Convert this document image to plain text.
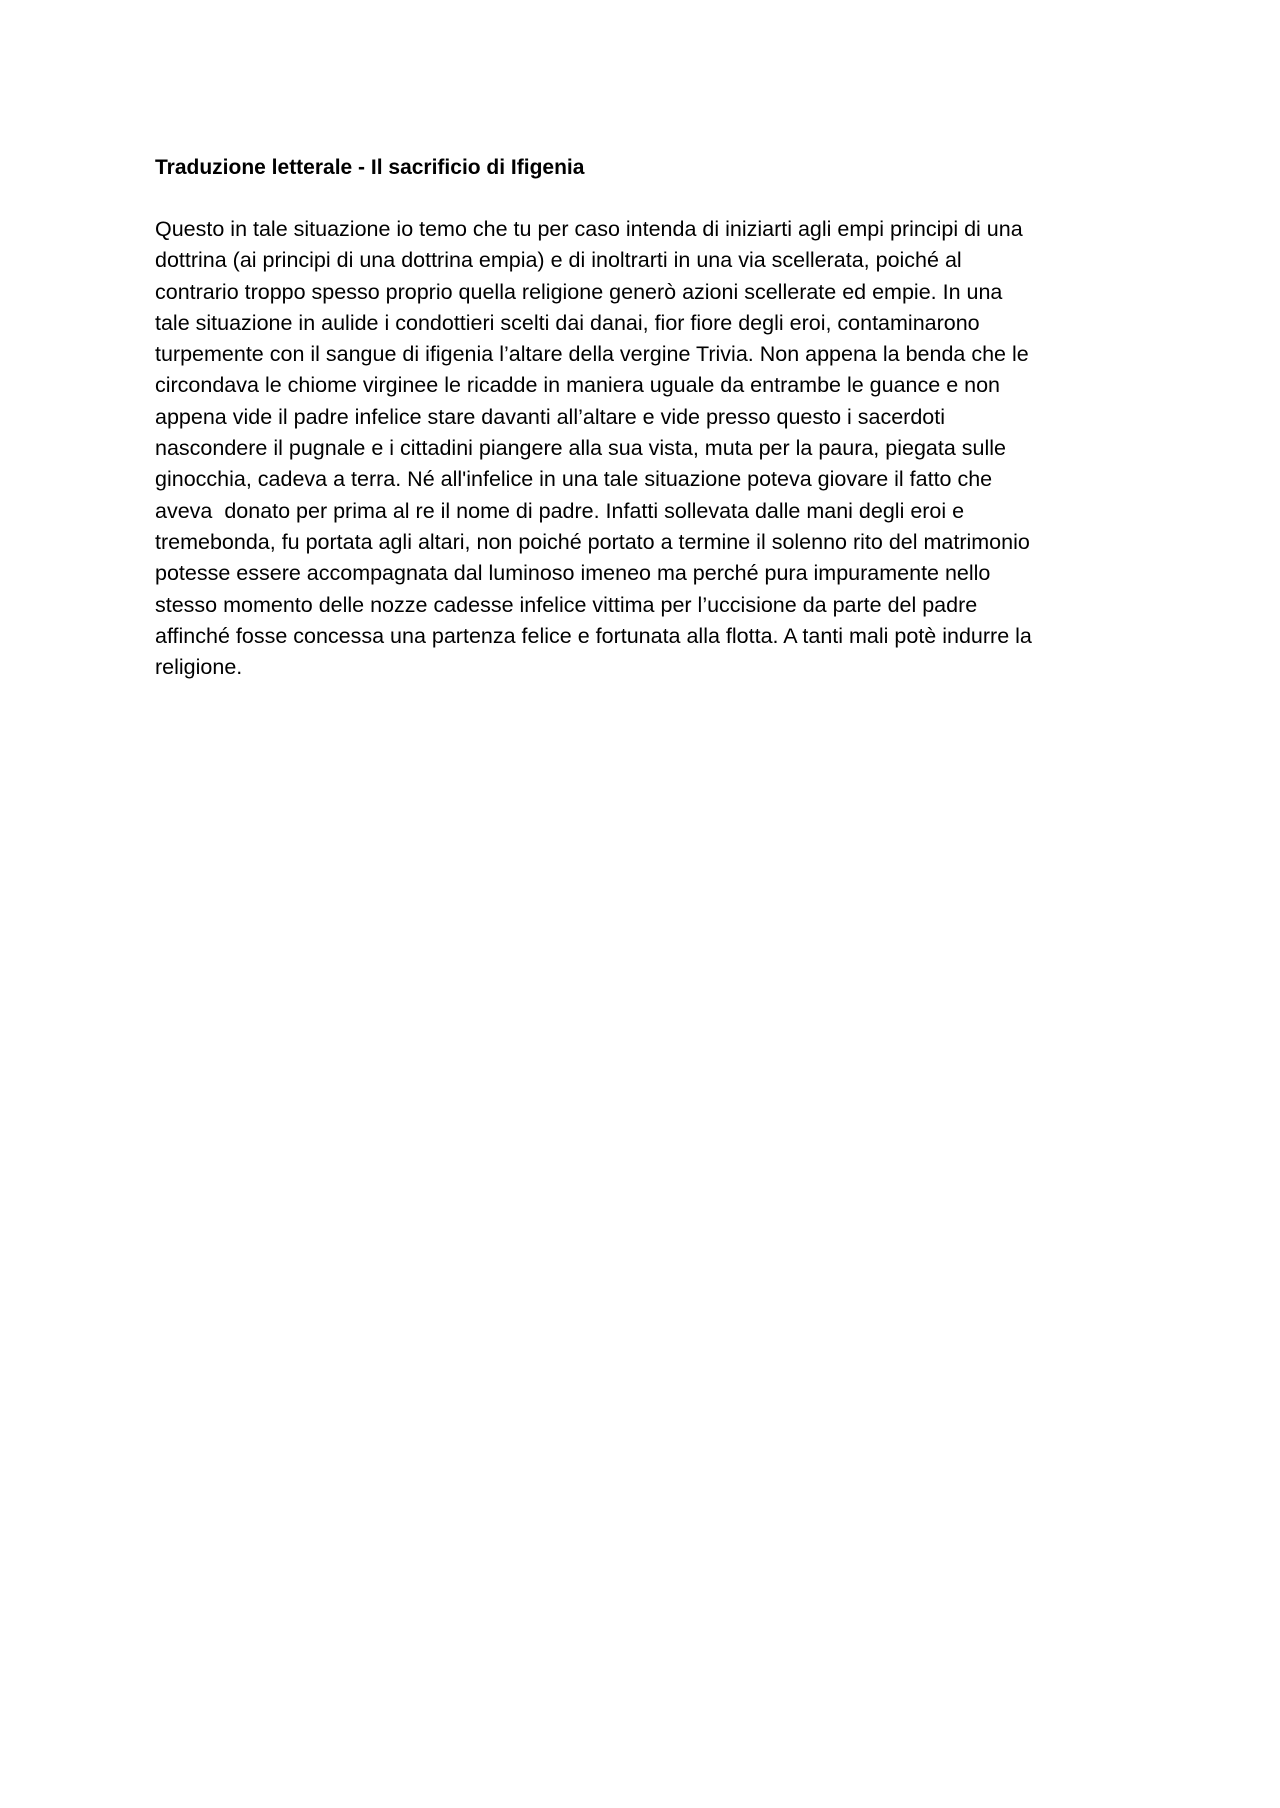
Traduzione letterale - Il sacrificio di Ifigenia
Questo in tale situazione io temo che tu per caso intenda di iniziarti agli empi principi di una
dottrina (ai principi di una dottrina empia) e di inoltrarti in una via scellerata, poiché al
contrario troppo spesso proprio quella religione generò azioni scellerate ed empie. In una
tale situazione in aulide i condottieri scelti dai danai, fior fiore degli eroi, contaminarono
turpemente con il sangue di ifigenia l’altare della vergine Trivia. Non appena la benda che le
circondava le chiome virginee le ricadde in maniera uguale da entrambe le guance e non
appena vide il padre infelice stare davanti all’altare e vide presso questo i sacerdoti
nascondere il pugnale e i cittadini piangere alla sua vista, muta per la paura, piegata sulle
ginocchia, cadeva a terra. Né all'infelice in una tale situazione poteva giovare il fatto che
aveva  donato per prima al re il nome di padre. Infatti sollevata dalle mani degli eroi e
tremebonda, fu portata agli altari, non poiché portato a termine il solenno rito del matrimonio
potesse essere accompagnata dal luminoso imeneo ma perché pura impuramente nello
stesso momento delle nozze cadesse infelice vittima per l’uccisione da parte del padre
affinché fosse concessa una partenza felice e fortunata alla flotta. A tanti mali potè indurre la
religione.
